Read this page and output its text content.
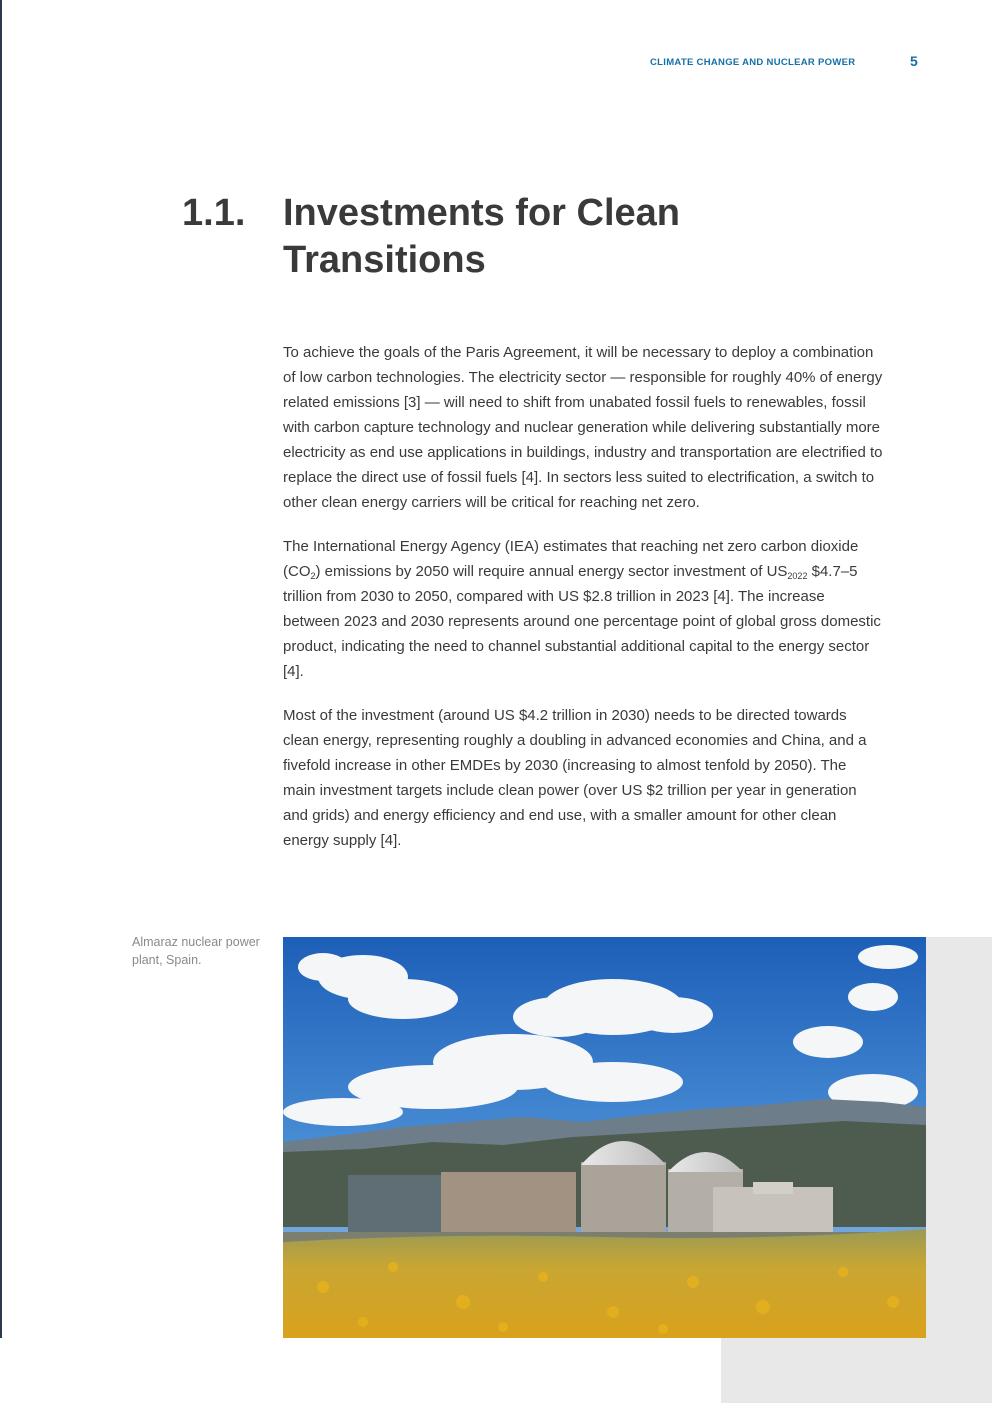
CLIMATE CHANGE AND NUCLEAR POWER	5
1.1. Investments for Clean Transitions

To achieve the goals of the Paris Agreement, it will be necessary to deploy a combination of low carbon technologies. The electricity sector — responsible for roughly 40% of energy related emissions [3] — will need to shift from unabated fossil fuels to renewables, fossil with carbon capture technology and nuclear generation while delivering substantially more electricity as end use applications in buildings, industry and transportation are electrified to replace the direct use of fossil fuels [4]. In sectors less suited to electrification, a switch to other clean energy carriers will be critical for reaching net zero.

The International Energy Agency (IEA) estimates that reaching net zero carbon dioxide $(CO_2)$ emissions by 2050 will require annual energy sector investment of $US_{2022}$ $4.7–5 trillion from 2030 to 2050, compared with US $2.8 trillion in 2023 [4]. The increase between 2023 and 2030 represents around one percentage point of global gross domestic product, indicating the need to channel substantial additional capital to the energy sector [4].

Most of the investment (around US $4.2 trillion in 2030) needs to be directed towards clean energy, representing roughly a doubling in advanced economies and China, and a fivefold increase in other EMDEs by 2030 (increasing to almost tenfold by 2050). The main investment targets include clean power (over US $2 trillion per year in generation and grids) and energy efficiency and end use, with a smaller amount for other clean energy supply [4].

Almaraz nuclear power plant, Spain.
